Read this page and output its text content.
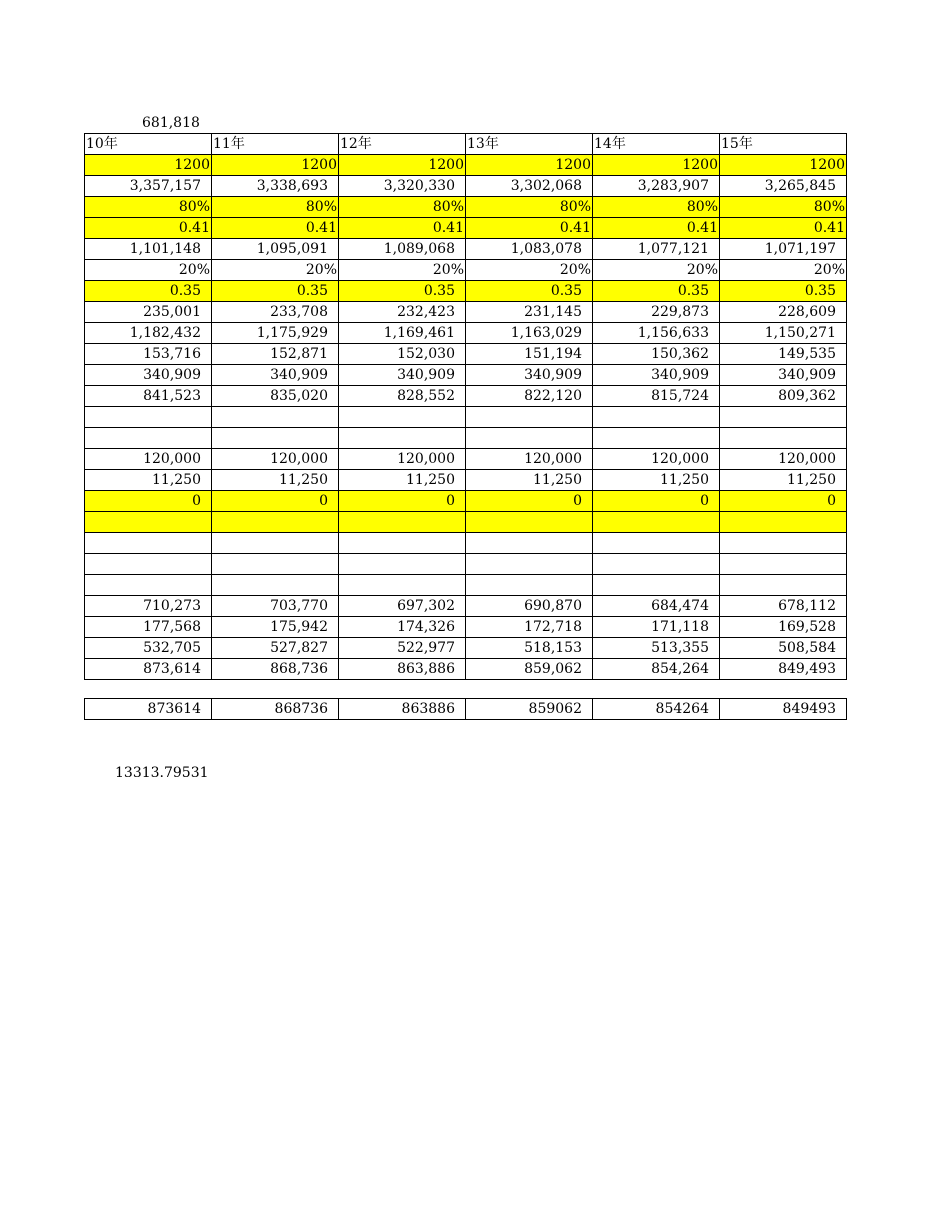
681,818
10年	11年	12年	13年	14年	15年
1200	1200	1200	1200	1200	1200
3,357,157	3,338,693	3,320,330	3,302,068	3,283,907	3,265,845
80%	80%	80%	80%	80%	80%
0.41	0.41	0.41	0.41	0.41	0.41
1,101,148	1,095,091	1,089,068	1,083,078	1,077,121	1,071,197
20%	20%	20%	20%	20%	20%
0.35	0.35	0.35	0.35	0.35	0.35
235,001	233,708	232,423	231,145	229,873	228,609
1,182,432	1,175,929	1,169,461	1,163,029	1,156,633	1,150,271
153,716	152,871	152,030	151,194	150,362	149,535
340,909	340,909	340,909	340,909	340,909	340,909
841,523	835,020	828,552	822,120	815,724	809,362

120,000	120,000	120,000	120,000	120,000	120,000
11,250	11,250	11,250	11,250	11,250	11,250
0	0	0	0	0	0

710,273	703,770	697,302	690,870	684,474	678,112
177,568	175,942	174,326	172,718	171,118	169,528
532,705	527,827	522,977	518,153	513,355	508,584
873,614	868,736	863,886	859,062	854,264	849,493
873614	868736	863886	859062	854264	849493
13313.79531
